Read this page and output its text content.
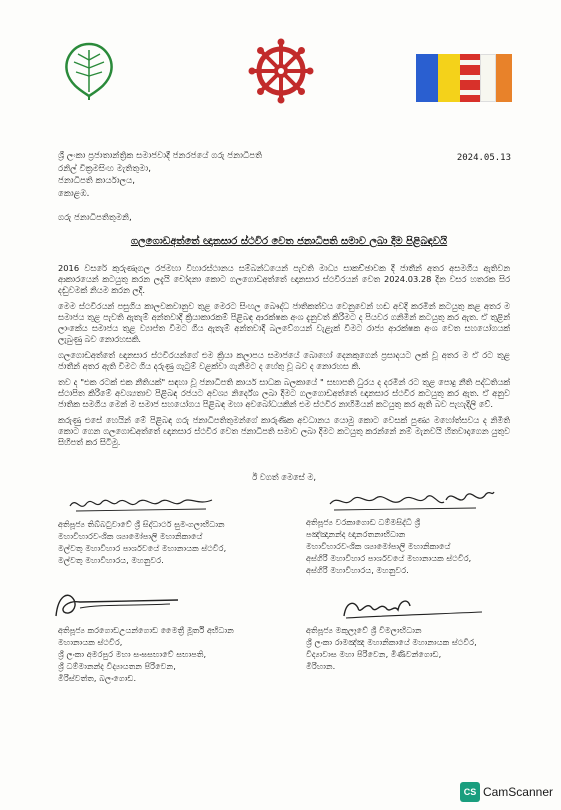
2024.05.13
ශ්‍රී ලංකා ප්‍රජාතාන්ත්‍රික සමාජවාදී ජනරජයේ ගරු ජනාධිපති
රනිල් වික්‍රමසිංහ මැතිතුමා,
ජනාධිපති කාර්යාලය,
කොළඹ.
ගරු ජනාධිපතිතුමනි,
ගලගොඩඅත්තේ ඥානසාර ස්ථවිර වෙත ජනාධිපති සමාව ලබා දීම පිළිබඳවයි

2016 වසරේ කුරුණෑගල රජමහා විහාරස්ථානය සම්බන්ධයෙන් පැවති මාධ්‍ය සාකච්ඡාවක දී ජාතීන් අතර අසමගිය ඇතිවන ආකාරයෙන් කටයුතු කරන ලදැයි චෝදනා කොට ගලගොඩඅත්තේ ඥානසාර ස්ථවිරයන් වෙත 2024.03.28 දින වසර හතරක සිර දඬුවමක් නියම කරන ලදී.

මෙම ස්ථවිරයන් පසුගිය කාලවකවානුව තුළ මෙරට සිංහල බෞද්ධ ජාතිකත්වය වෙනුවෙන් හඬ අවදි කරමින් කටයුතු කළ අතර ම සමාජය තුළ පැවති ඇතැම් අන්තවාදී ක්‍රියාකාරකම් පිළිබඳ ආරක්ෂක අංශ දැනුවත් කිරීමට ද පියවර ගනිමින් කටයුතු කර ඇත. ඒ තුළින් ලාංකේය සමාජය තුළ ව්‍යාප්ත වීමට ගිය ඇතැම් අන්තවාදී බලවේගයන් වැළැක් වීමට රාජ්‍ය ආරක්ෂක අංශ වෙත සහයෝගයක් ලැබුණු බව නොරහසකි.

ගලගොඩඅත්තේ ඥානසාර ස්ථවිරයන්ගේ එම ක්‍රියා කලාපය සමාජයේ බොහෝ දෙනකුගෙන් ප්‍රසාදයට ලක් වූ අතර ම ඒ රට තුළ ජාතීන් අතර ඇති විමට ගිය දරුණු ගැටුම් වළක්වා ගැනීමට ද හේතු වූ බව ද නොරහස කි.

තව ද "එක රටක් එක නීතියක්" සඳහා වූ ජනාධිපති කාර්ය සාධක බලකායේ " සභාපති ධුරය ද දරමින් රට තුළ පොදු නීති පද්ධතියක් ස්ථාපිත කිරීමේ අවශ්‍යතාව පිළිබඳ රජයට අවශ්‍ය නිර්දේශ ලබා දීමට ගලගොඩඅත්තේ ඥානසාර ස්ථවිර කටයුතු කර ඇත. ඒ අනුව ජාතික සමගිය මෙන් ම සමාජ සහයෝගය පිළිබඳ මහා අවබෝධයකින් එම ස්ථවිර නාහිමියන් කටයුතු කර ඇති බව පැහැදිලි වේ.

කරුණු එසේ හෙයින් මේ පිළිබඳ ගරු ජනාධිපතිතුමන්ගේ කාරුණික අවධානය යොමු කොට වෙසක් පුණ්‍ය මහෝත්සවය ද නිමිති කොට ගෙන ගලගොඩඅත්තේ ඥානසාර ස්ථවිර වෙත ජනාධිපති සමාව ලබා දීමට කටයුතු කරන්නේ නම් මැනවයි හිතවාදාගෙන යුතුව සිහිපත් කර සිටිමු.

ඊ වගත් මෙසේ ම,
අතිපූජ්‍ය තිබ්බටුවාවේ ශ්‍රී සිද්ධාර්ථ සුමංගලාභිධාන
මහාවිහාරවංශික ශ්‍යාමෝපාලි මහානිකායේ
මල්වතු මහාවිහාර පාර්ශවයේ මහානායක ස්ථවිර,
මල්වතු මහාවිහාරය, මහනුවර.
අතිපූජ්‍ය වරකාගොඩ ධම්මසිද්ධි ශ්‍රී
පඤ්ඤානන්ද ඥානරතනාභිධාන
මහාවිහාරවංශික ශ්‍යාමෝපාලි මහානිකායේ
අස්ගිරි මහාවිහාර පාර්ශවයේ මහානායක ස්ථවිර,
අස්ගිරි මහාවිහාරය, මහනුවර.
අතිපූජ්‍ය කරගොඩඋයන්ගොඩ මෛත්‍රී මූර්ති අභිධාන
මහානායක ස්ථවිර,
ශ්‍රී ලංකා අමරපුර මහා සංඝසභාවේ සභාපති,
ශ්‍රී ධම්මානන්ද විද්‍යායතන පිරිවෙන,
මිරිස්වත්ත, බලංගොඩ.
අතිපූජ්‍ය මකුලෑවේ ශ්‍රී විමලාභිධාන
ශ්‍රී ලංකා රාමඤ්ඤ මහානිකායේ මහානායක ස්ථවිර,
විද්‍යාවාස මහා පිරිවෙන, මිණිවන්ගොඩ,
මිරිහාන.
CS CamScanner
